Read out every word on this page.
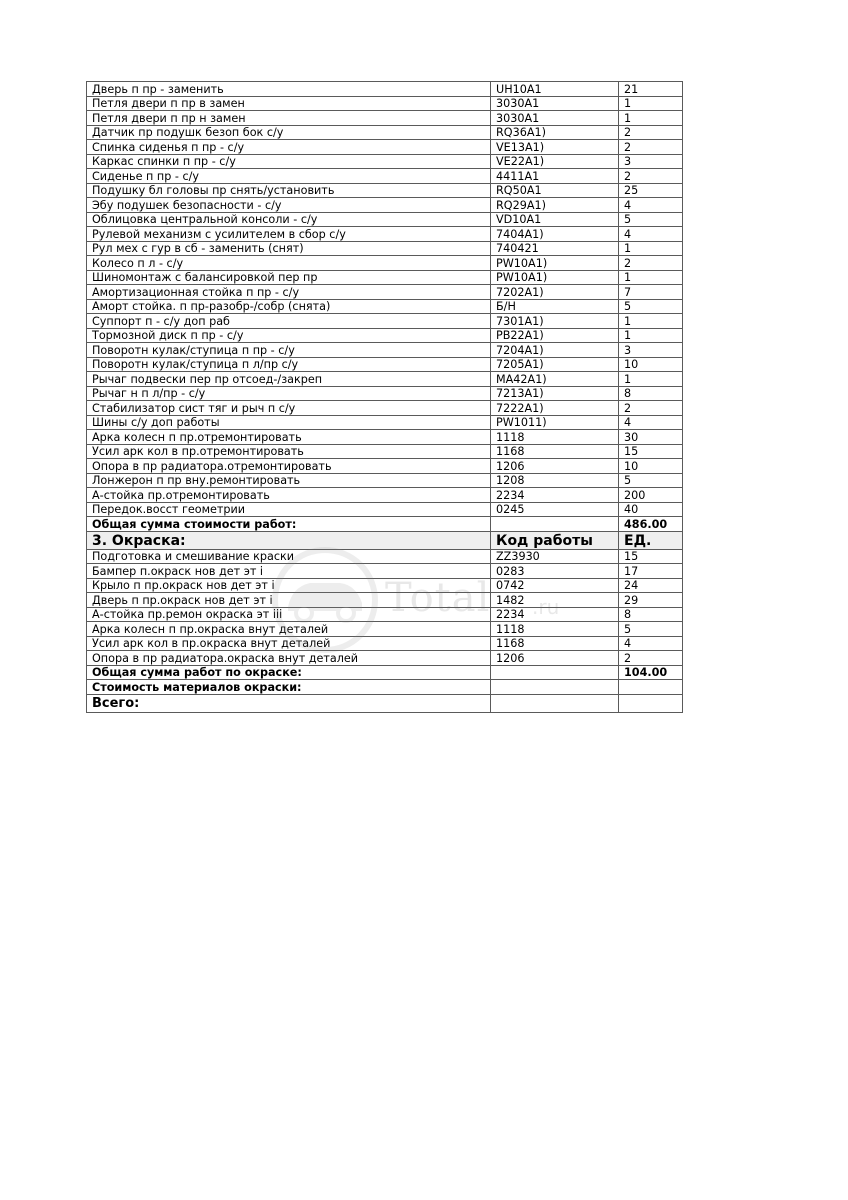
Дверь п пр - заменить	UH10A1	21
Петля двери п пр в замен	3030A1	1
Петля двери п пр н замен	3030A1	1
Датчик пр подушк безоп бок с/у	RQ36A1)	2
Спинка сиденья п пр - с/у	VE13A1)	2
Каркас спинки п пр - с/у	VE22A1)	3
Сиденье п пр - с/у	4411A1	2
Подушку бл головы пр снять/установить	RQ50A1	25
Эбу подушек безопасности - с/у	RQ29A1)	4
Облицовка центральной консоли - с/у	VD10A1	5
Рулевой механизм с усилителем в сбор с/у	7404A1)	4
Рул мех с гур в сб - заменить (снят)	740421	1
Колесо п л - с/у	PW10A1)	2
Шиномонтаж с балансировкой пер пр	PW10A1)	1
Амортизационная стойка п пр - с/у	7202A1)	7
Аморт стойка. п пр-разобр-/собр (снята)	Б/Н	5
Суппорт п - с/у доп раб	7301A1)	1
Тормозной диск п пр - с/у	PB22A1)	1
Поворотн кулак/ступица п пр - с/у	7204A1)	3
Поворотн кулак/ступица п л/пр с/у	7205A1)	10
Рычаг подвески пер пр отсоед-/закреп	MA42A1)	1
Рычаг н п л/пр - с/у	7213A1)	8
Стабилизатор сист тяг и рыч п с/у	7222A1)	2
Шины с/у доп работы	PW1011)	4
Арка колесн п пр.отремонтировать	1118	30
Усил арк кол в пр.отремонтировать	1168	15
Опора в пр радиатора.отремонтировать	1206	10
Лонжерон п пр вну.ремонтировать	1208	5
А-стойка пр.отремонтировать	2234	200
Передок.восст геометрии	0245	40
Общая сумма стоимости работ:		486.00
3. Окраска:	Код работы	ЕД.
Подготовка и смешивание краски	ZZ3930	15
Бампер п.окраск нов дет эт i	0283	17
Крыло п пр.окраск нов дет эт i	0742	24
Дверь п пр.окраск нов дет эт i	1482	29
А-стойка пр.ремон окраска эт iii	2234	8
Арка колесн п пр.окраска внут деталей	1118	5
Усил арк кол в пр.окраска внут деталей	1168	4
Опора в пр радиатора.окраска внут деталей	1206	2
Общая сумма работ по окраске:		104.00
Стоимость материалов окраски:		
Всего:		
Total .ru
